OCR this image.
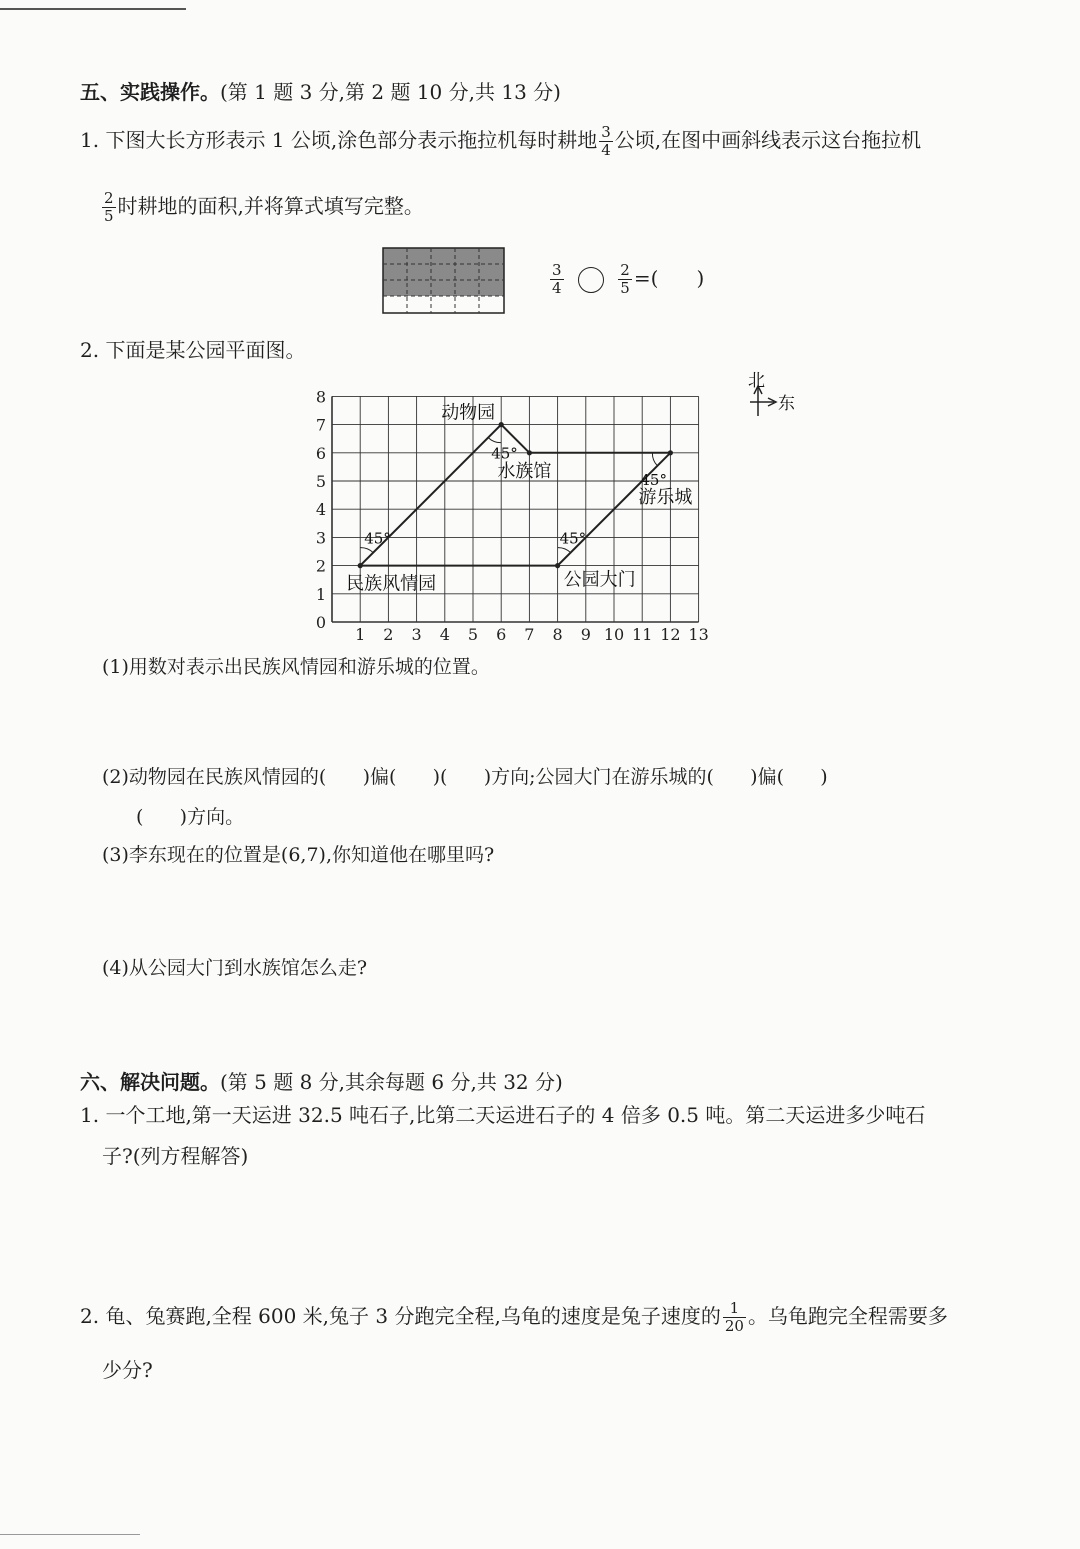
五、实践操作。(第 1 题 3 分,第 2 题 10 分,共 13 分)
1. 下图大长方形表示 1 公顷,涂色部分表示拖拉机每时耕地 $\frac{3}{4}$ 公顷,在图中画斜线表示这台拖拉机
$\frac{2}{5}$ 时耕地的面积,并将算式填写完整。
$\frac{3}{4}$
	$\frac{2}{5}$ =(      )
2. 下面是某公园平面图。
1 2 3 4 5 6 7 8 9 10 11 12 13
0
1
2
3
4
5
6
7
8
民族风情园
动物园
水族馆
游乐城
公园大门
45°	45°
45°
45°
北
东
(1)用数对表示出民族风情园和游乐城的位置。
(2)动物园在民族风情园的(      )偏(      )(      )方向;公园大门在游乐城的(      )偏(      )
(      )方向。
(3)李东现在的位置是(6,7),你知道他在哪里吗?
(4)从公园大门到水族馆怎么走?
六、解决问题。(第 5 题 8 分,其余每题 6 分,共 32 分)
1. 一个工地,第一天运进 32.5 吨石子,比第二天运进石子的 4 倍多 0.5 吨。第二天运进多少吨石
子?(列方程解答)
2. 龟、兔赛跑,全程 600 米,兔子 3 分跑完全程,乌龟的速度是兔子速度的 $\frac{1}{20}$ 。乌龟跑完全程需要多
少分?
